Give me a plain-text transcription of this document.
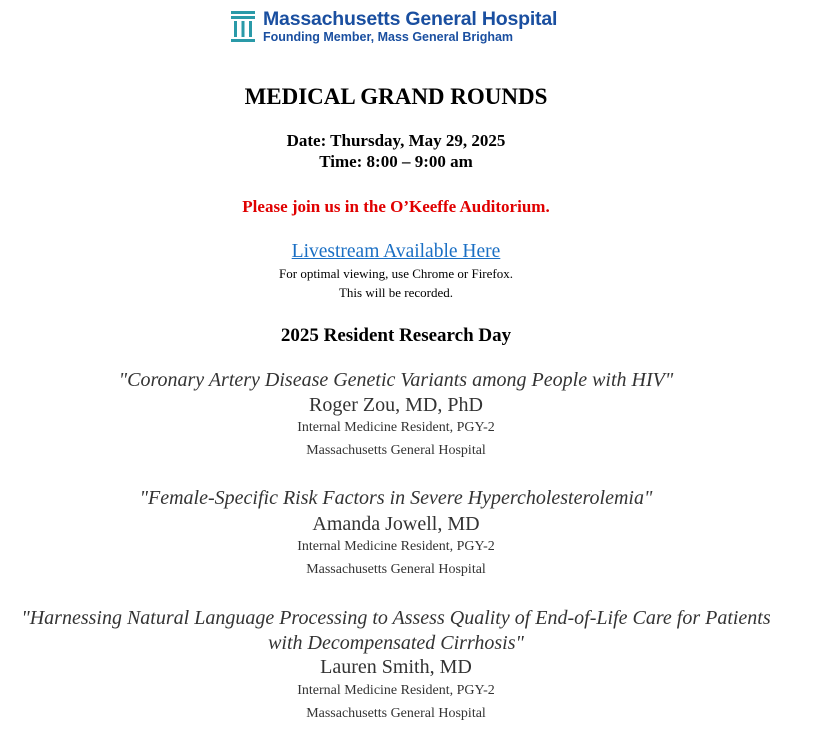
Massachusetts General Hospital
Founding Member, Mass General Brigham
MEDICAL GRAND ROUNDS
Date: Thursday, May 29, 2025
Time: 8:00 – 9:00 am
Please join us in the O’Keeffe Auditorium.
Livestream Available Here
For optimal viewing, use Chrome or Firefox.
This will be recorded.
2025 Resident Research Day
"Coronary Artery Disease Genetic Variants among People with HIV"
Roger Zou, MD, PhD
Internal Medicine Resident, PGY-2
Massachusetts General Hospital
"Female-Specific Risk Factors in Severe Hypercholesterolemia"
Amanda Jowell, MD
Internal Medicine Resident, PGY-2
Massachusetts General Hospital
"Harnessing Natural Language Processing to Assess Quality of End-of-Life Care for Patients
with Decompensated Cirrhosis"
Lauren Smith, MD
Internal Medicine Resident, PGY-2
Massachusetts General Hospital
